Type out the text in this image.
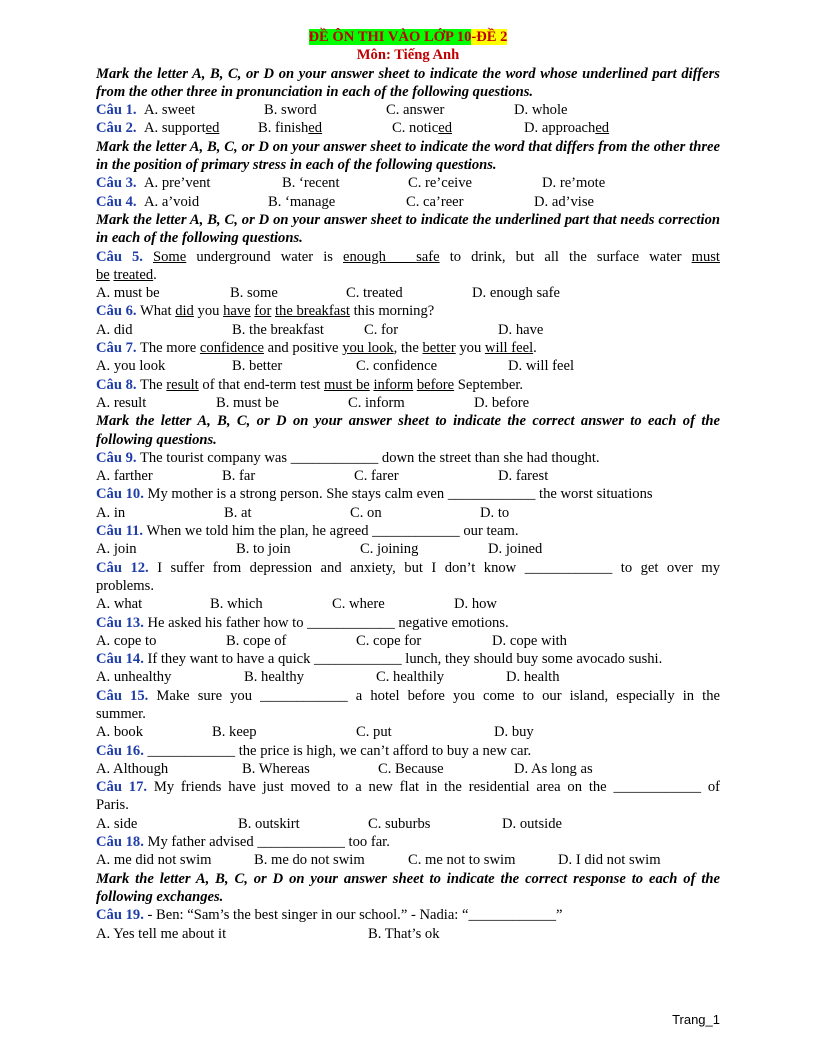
ĐỀ ÔN THI VÀO LỚP 10-ĐỀ 2
Môn: Tiếng Anh
Mark the letter A, B, C, or D on your answer sheet to indicate the word whose underlined part differs from the other three in pronunciation in each of the following questions.
Câu 1. A. sweet	B. sword	C. answer	D. whole
Câu 2. A. supported	B. finished	C. noticed	D. approached
Mark the letter A, B, C, or D on your answer sheet to indicate the word that differs from the other three in the position of primary stress in each of the following questions.
Câu 3. A. pre’vent	B. ‘recent	C. re’ceive	D. re’mote
Câu 4. A. a’void	B. ‘manage	C. ca’reer	D. ad’vise
Mark the letter A, B, C, or D on your answer sheet to indicate the underlined part that needs correction in each of the following questions.
Câu 5. Some underground water is enough safe to drink, but all the surface water must
be treated.
A. must be	B. some	C. treated	D. enough safe
Câu 6. What did you have for the breakfast this morning?
A. did	B. the breakfast	C. for	D. have
Câu 7. The more confidence and positive you look, the better you will feel.
A. you look	B. better	C. confidence	D. will feel
Câu 8. The result of that end-term test must be inform before September.
A. result	B. must be	C. inform	D. before
Mark the letter A, B, C, or D on your answer sheet to indicate the correct answer to each of the following questions.
Câu 9. The tourist company was ____________ down the street than she had thought.
A. farther	B. far	C. farer	D. farest
Câu 10. My mother is a strong person. She stays calm even ____________ the worst situations
A. in	B. at	C. on	D. to
Câu 11. When we told him the plan, he agreed ____________ our team.
A. join	B. to join	C. joining	D. joined
Câu 12. I suffer from depression and anxiety, but I don’t know ____________ to get over my
problems.
A. what	B. which	C. where	D. how
Câu 13. He asked his father how to ____________ negative emotions.
A. cope to	B. cope of	C. cope for	D. cope with
Câu 14. If they want to have a quick ____________ lunch, they should buy some avocado sushi.
A. unhealthy	B. healthy	C. healthily	D. health
Câu 15. Make sure you ____________ a hotel before you come to our island, especially in the
summer.
A. book	B. keep	C. put	D. buy
Câu 16. ____________ the price is high, we can’t afford to buy a new car.
A. Although	B. Whereas	C. Because	D. As long as
Câu 17. My friends have just moved to a new flat in the residential area on the ____________ of
Paris.
A. side	B. outskirt	C. suburbs	D. outside
Câu 18. My father advised ____________ too far.
A. me did not swim	B. me do not swim	C. me not to swim	D. I did not swim
Mark the letter A, B, C, or D on your answer sheet to indicate the correct response to each of the following exchanges.
Câu 19. - Ben: “Sam’s the best singer in our school.” - Nadia: “____________”
A. Yes tell me about it	B. That’s ok
Trang_1
